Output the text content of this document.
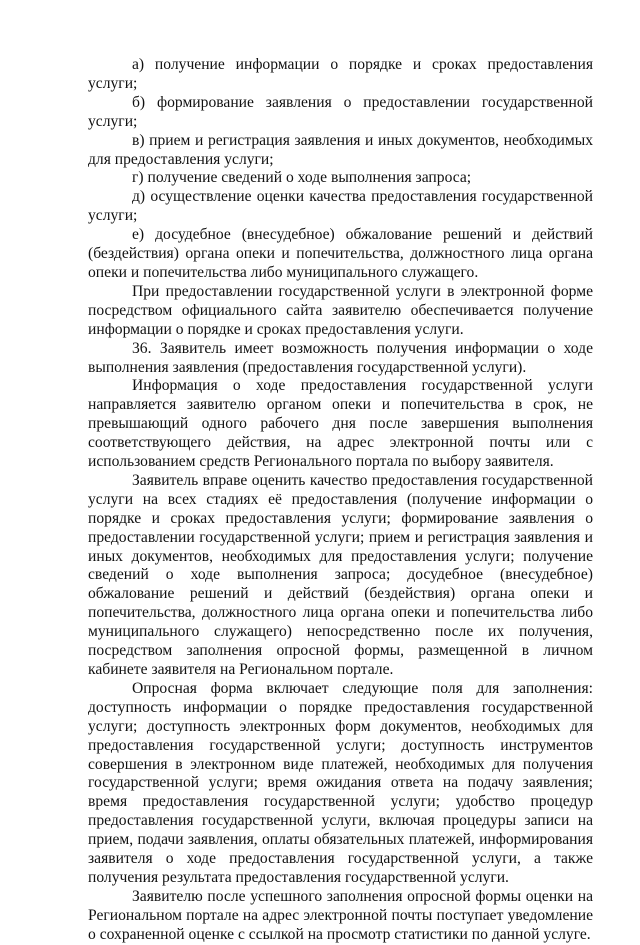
а) получение информации о порядке и сроках предоставления услуги;

б) формирование заявления о предоставлении государственной услуги;

в) прием и регистрация заявления и иных документов, необходимых для предоставления услуги;

г) получение сведений о ходе выполнения запроса;

д) осуществление оценки качества предоставления государственной услуги;

е) досудебное (внесудебное) обжалование решений и действий (бездействия) органа опеки и попечительства, должностного лица органа опеки и попечительства либо муниципального служащего.

При предоставлении государственной услуги в электронной форме посредством официального сайта заявителю обеспечивается получение информации о порядке и сроках предоставления услуги.

36. Заявитель имеет возможность получения информации о ходе выполнения заявления (предоставления государственной услуги).

Информация о ходе предоставления государственной услуги направляется заявителю органом опеки и попечительства в срок, не превышающий одного рабочего дня после завершения выполнения соответствующего действия, на адрес электронной почты или с использованием средств Регионального портала по выбору заявителя.

Заявитель вправе оценить качество предоставления государственной услуги на всех стадиях её предоставления (получение информации о порядке и сроках предоставления услуги; формирование заявления о предоставлении государственной услуги; прием и регистрация заявления и иных документов, необходимых для предоставления услуги; получение сведений о ходе выполнения запроса; досудебное (внесудебное) обжалование решений и действий (бездействия) органа опеки и попечительства, должностного лица органа опеки и попечительства либо муниципального служащего) непосредственно после их получения, посредством заполнения опросной формы, размещенной в личном кабинете заявителя на Региональном портале.

Опросная форма включает следующие поля для заполнения: доступность информации о порядке предоставления государственной услуги; доступность электронных форм документов, необходимых для предоставления государственной услуги; доступность инструментов совершения в электронном виде платежей, необходимых для получения государственной услуги; время ожидания ответа на подачу заявления; время предоставления государственной услуги; удобство процедур предоставления государственной услуги, включая процедуры записи на прием, подачи заявления, оплаты обязательных платежей, информирования заявителя о ходе предоставления государственной услуги, а также получения результата предоставления государственной услуги.

Заявителю после успешного заполнения опросной формы оценки на Региональном портале на адрес электронной почты поступает уведомление о сохраненной оценке с ссылкой на просмотр статистики по данной услуге.
